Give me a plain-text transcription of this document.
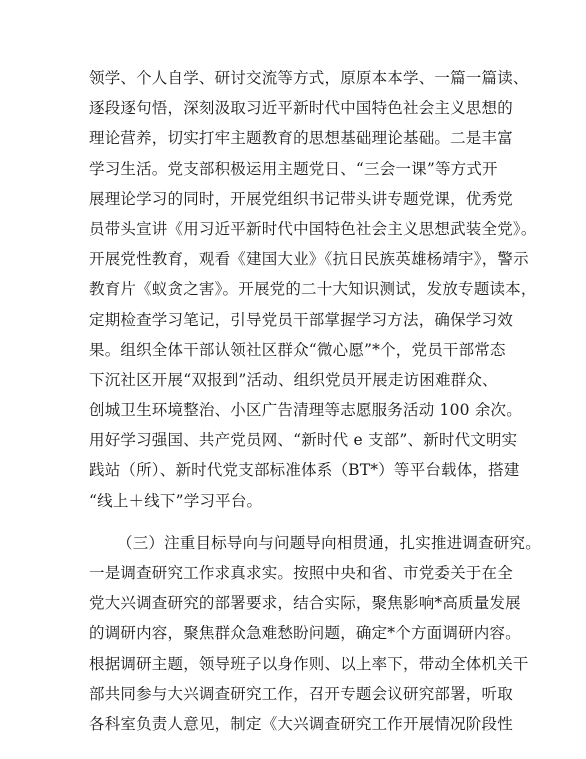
领学、个人自学、研讨交流等方式，原原本本学、一篇一篇读、
逐段逐句悟，深刻汲取习近平新时代中国特色社会主义思想的
理论营养，切实打牢主题教育的思想基础理论基础。二是丰富
学习生活。党支部积极运用主题党日、“三会一课”等方式开
展理论学习的同时，开展党组织书记带头讲专题党课，优秀党
员带头宣讲《用习近平新时代中国特色社会主义思想武装全党》。
开展党性教育，观看《建国大业》《抗日民族英雄杨靖宇》，警示
教育片《蚁贪之害》。开展党的二十大知识测试，发放专题读本，
定期检查学习笔记，引导党员干部掌握学习方法，确保学习效
果。组织全体干部认领社区群众“微心愿”*个，党员干部常态
下沉社区开展“双报到”活动、组织党员开展走访困难群众、
创城卫生环境整治、小区广告清理等志愿服务活动 100 余次。
用好学习强国、共产党员网、“新时代 e 支部”、新时代文明实
践站（所）、新时代党支部标准体系（BT*）等平台载体，搭建
“线上＋线下”学习平台。
（三）注重目标导向与问题导向相贯通，扎实推进调查研究。
一是调查研究工作求真求实。按照中央和省、市党委关于在全
党大兴调查研究的部署要求，结合实际，聚焦影响*高质量发展
的调研内容，聚焦群众急难愁盼问题，确定*个方面调研内容。
根据调研主题，领导班子以身作则、以上率下，带动全体机关干
部共同参与大兴调查研究工作，召开专题会议研究部署，听取
各科室负责人意见，制定《大兴调查研究工作开展情况阶段性
